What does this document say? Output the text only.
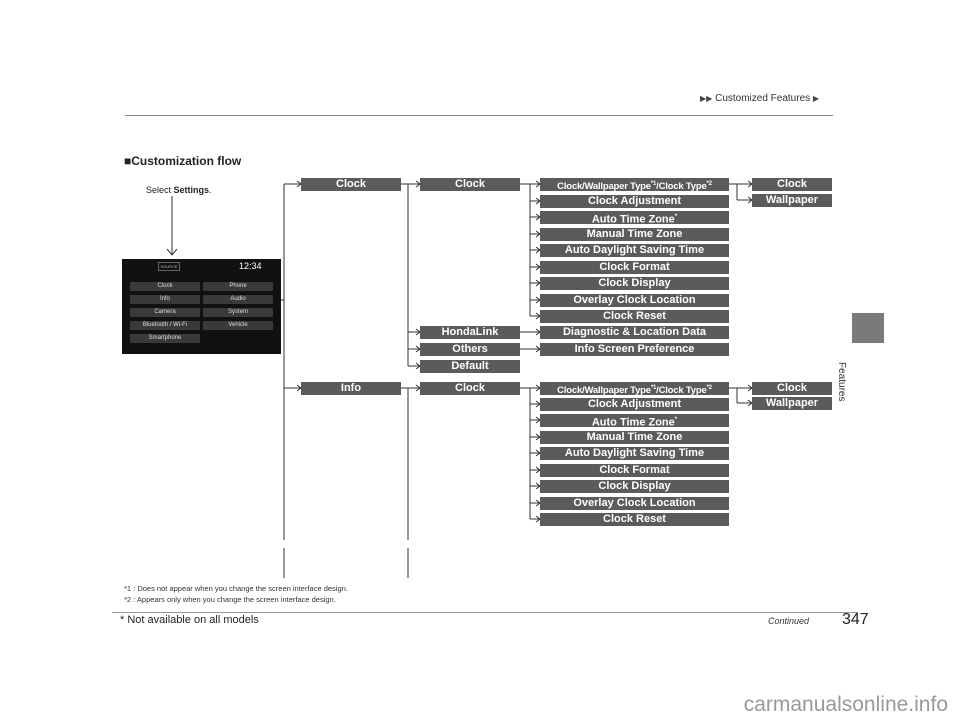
▶▶ Customized Features ▶
Features
■Customization flow
Select Settings.
SOURCE	12:34
Clock	Phone
Info	Audio
Camera	System
Bluetooth / Wi-Fi	Vehicle
Smartphone
Clock
Info
Clock
HondaLink
Others
Default
Clock
Clock/Wallpaper Type$^{*1}$/Clock Type$^{*2}$
Clock Adjustment
Auto Time Zone*
Manual Time Zone
Auto Daylight Saving Time
Clock Format
Clock Display
Overlay Clock Location
Clock Reset
Diagnostic & Location Data
Info Screen Preference
Clock/Wallpaper Type$^{*1}$/Clock Type$^{*2}$
Clock Adjustment
Auto Time Zone*
Manual Time Zone
Auto Daylight Saving Time
Clock Format
Clock Display
Overlay Clock Location
Clock Reset
Clock
Wallpaper
Clock
Wallpaper
*1 : Does not appear when you change the screen interface design.
*2 : Appears only when you change the screen interface design.
* Not available on all models	Continued 347
carmanualsonline.info
